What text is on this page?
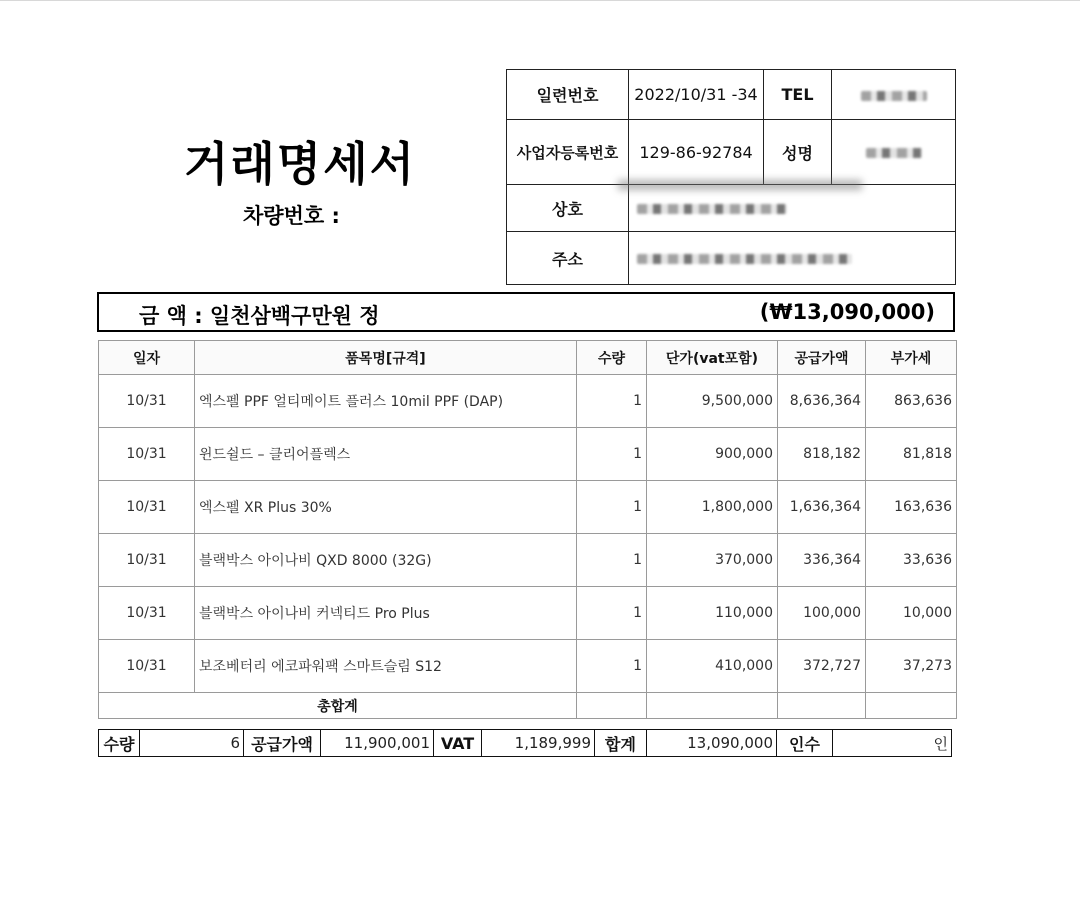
거래명세서
차량번호 :
일련번호	2022/10/31 -34	TEL	
사업자등록번호	129-86-92784	성명	
상호			
주소			
금 액 : 일천삼백구만원 정	(₩13,090,000)
일자	품목명[규격]	수량	단가(vat포함)	공급가액	부가세
10/31	엑스펠 PPF 얼티메이트 플러스 10mil PPF (DAP)	1	9,500,000	8,636,364	863,636
10/31	윈드쉴드 – 클리어플렉스	1	900,000	818,182	81,818
10/31	엑스펠 XR Plus 30%	1	1,800,000	1,636,364	163,636
10/31	블랙박스 아이나비 QXD 8000 (32G)	1	370,000	336,364	33,636
10/31	블랙박스 아이나비 커넥티드 Pro Plus	1	110,000	100,000	10,000
10/31	보조베터리 에코파워팩 스마트슬림 S12	1	410,000	372,727	37,273
총합계					
수량	6	공급가액	11,900,001	VAT	1,189,999	합계	13,090,000	인수	인
